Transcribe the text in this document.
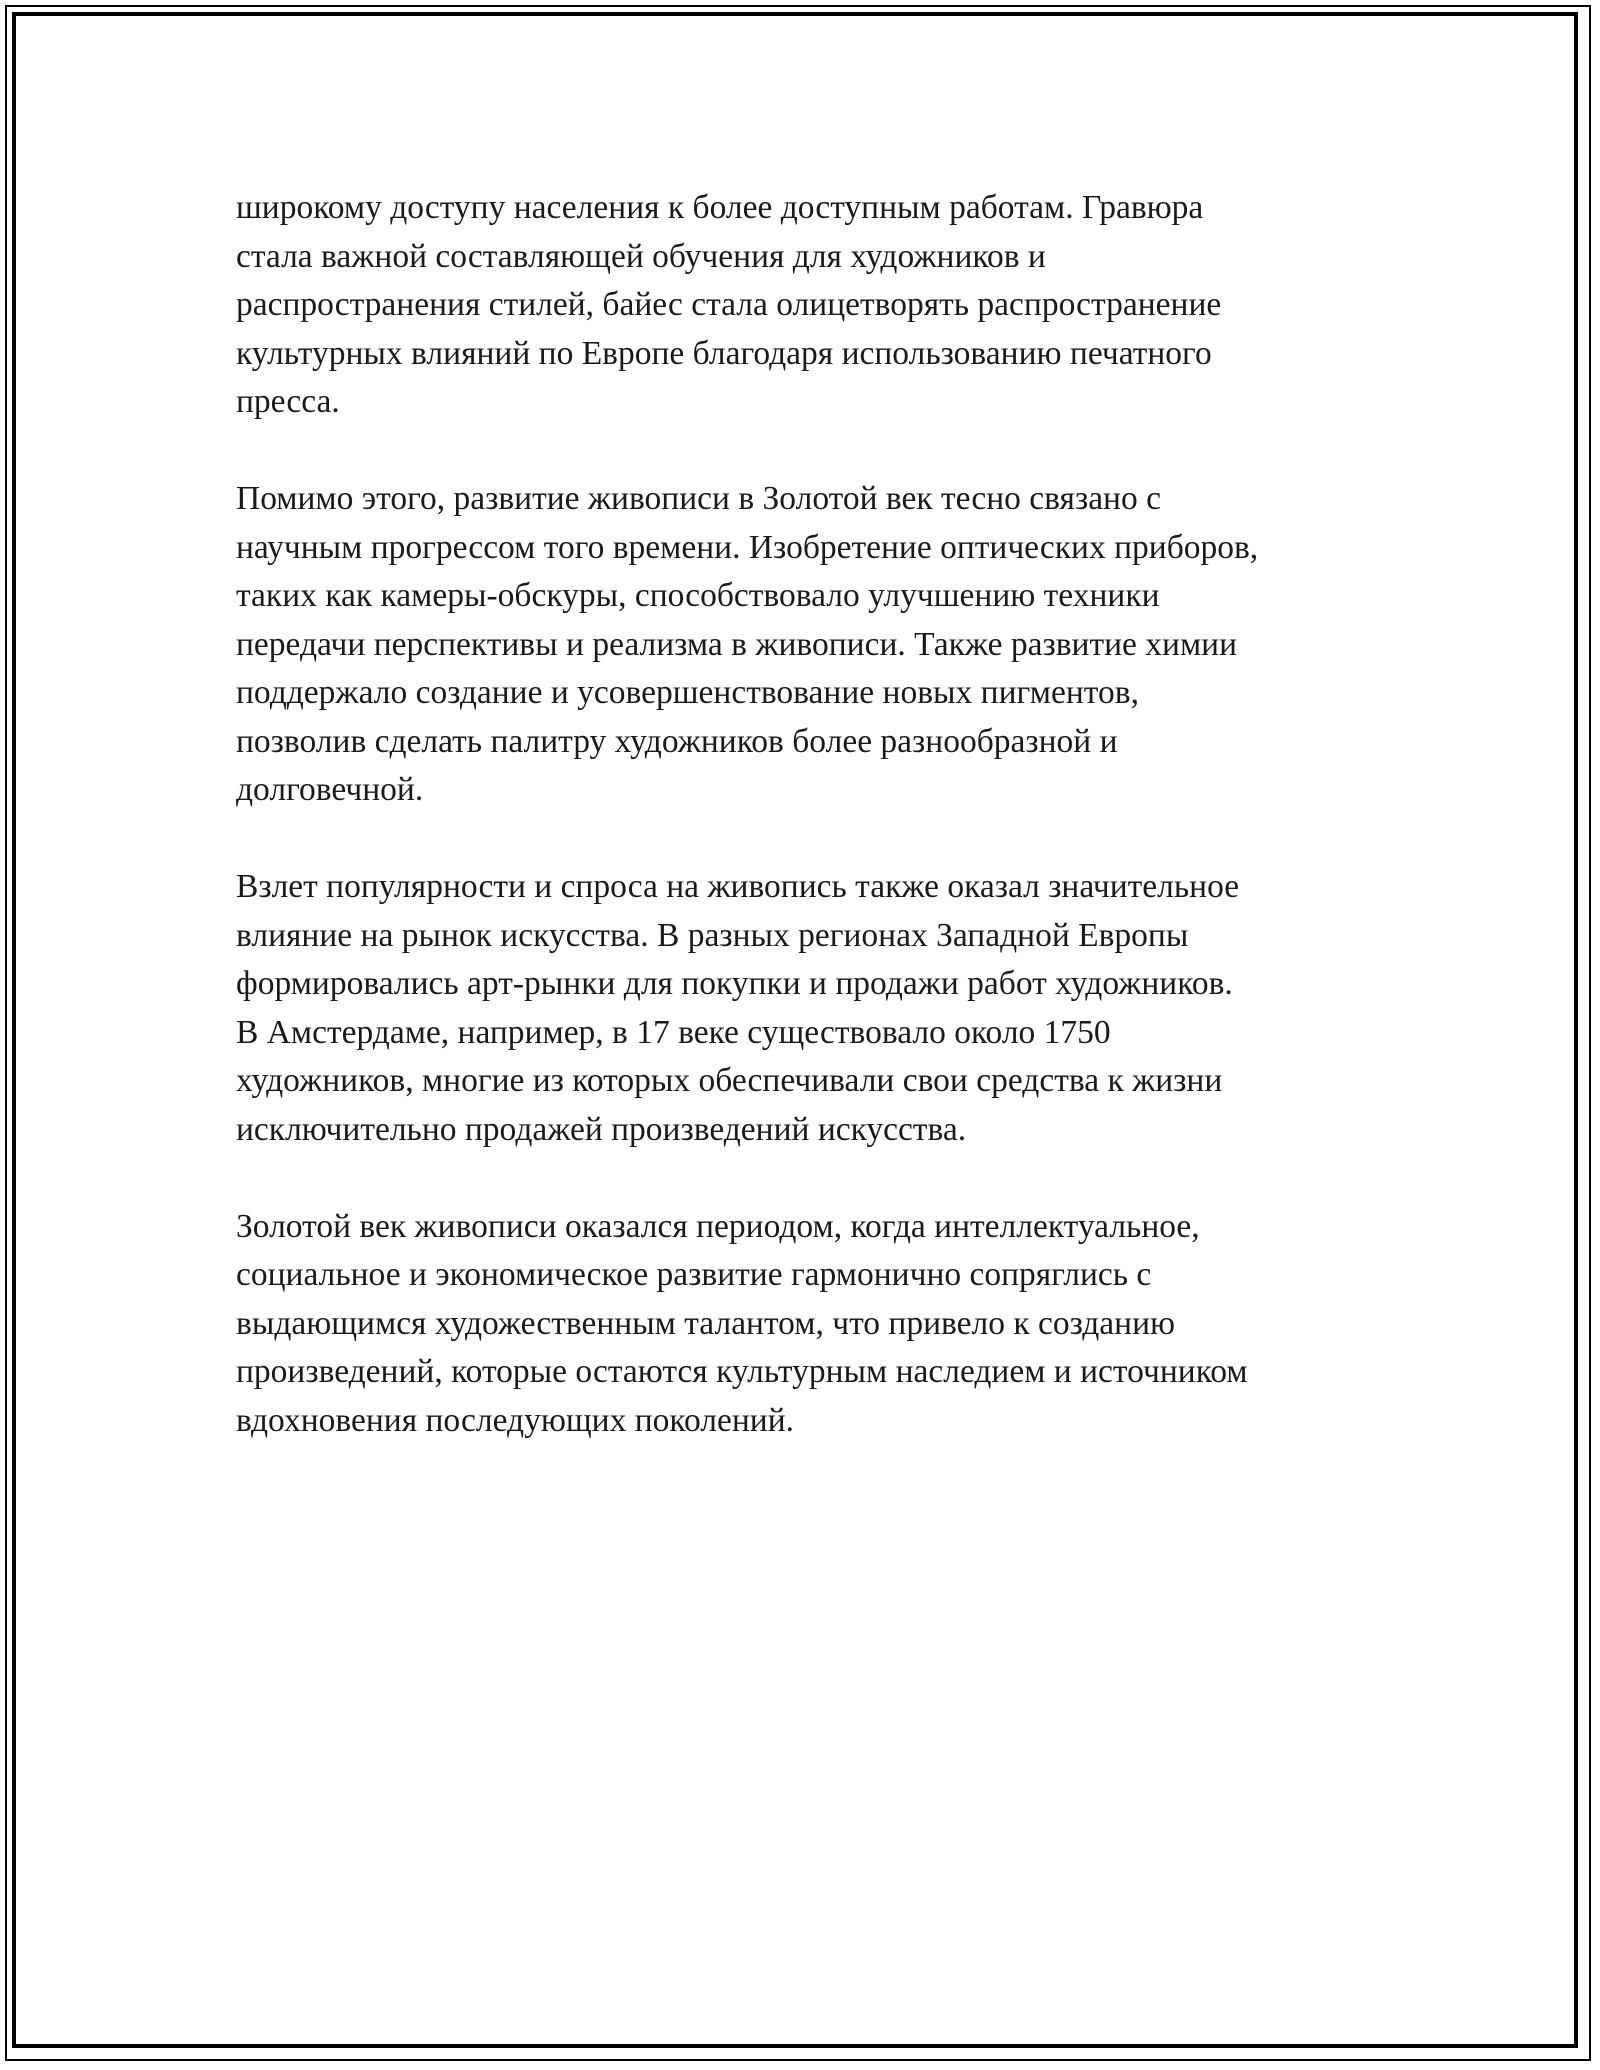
широкому доступу населения к более доступным работам. Гравюра
стала важной составляющей обучения для художников и
распространения стилей, байес стала олицетворять распространение
культурных влияний по Европе благодаря использованию печатного
пресса.

Помимо этого, развитие живописи в Золотой век тесно связано с
научным прогрессом того времени. Изобретение оптических приборов,
таких как камеры-обскуры, способствовало улучшению техники
передачи перспективы и реализма в живописи. Также развитие химии
поддержало создание и усовершенствование новых пигментов,
позволив сделать палитру художников более разнообразной и
долговечной.

Взлет популярности и спроса на живопись также оказал значительное
влияние на рынок искусства. В разных регионах Западной Европы
формировались арт-рынки для покупки и продажи работ художников.
В Амстердаме, например, в 17 веке существовало около 1750
художников, многие из которых обеспечивали свои средства к жизни
исключительно продажей произведений искусства.

Золотой век живописи оказался периодом, когда интеллектуальное,
социальное и экономическое развитие гармонично сопряглись с
выдающимся художественным талантом, что привело к созданию
произведений, которые остаются культурным наследием и источником
вдохновения последующих поколений.
